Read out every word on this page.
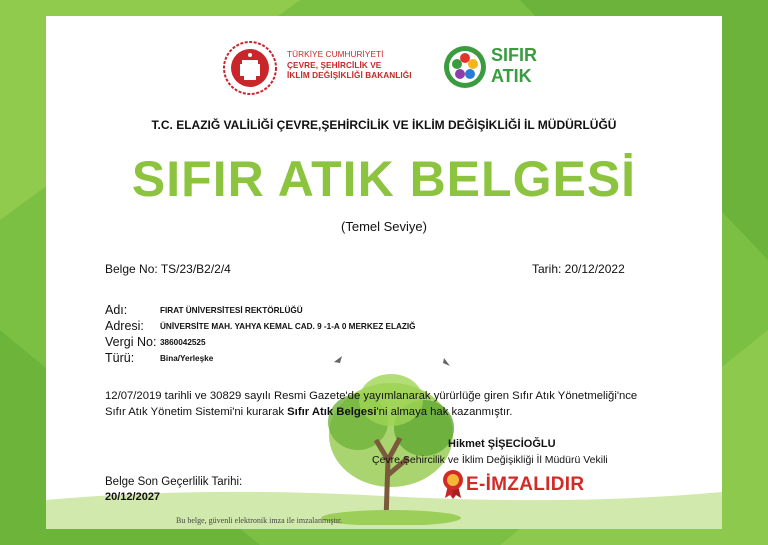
TÜRKİYE CUMHURİYETİ
ÇEVRE, ŞEHİRCİLİK VE
İKLİM DEĞİŞİKLİĞİ BAKANLIĞI
SIFIR
ATIK
T.C. ELAZIĞ VALİLİĞİ ÇEVRE,ŞEHİRCİLİK VE İKLİM DEĞİŞİKLİĞİ İL MÜDÜRLÜĞÜ
SIFIR ATIK BELGESİ
(Temel Seviye)
Belge No: TS/23/B2/2/4	Tarih: 20/12/2022
Adı:	FIRAT ÜNİVERSİTESİ REKTÖRLÜĞÜ
Adresi: ÜNİVERSİTE MAH. YAHYA KEMAL CAD. 9 -1-A 0 MERKEZ ELAZIĞ
Vergi No: 3860042525
Türü:	Bina/Yerleşke
12/07/2019 tarihli ve 30829 sayılı Resmi Gazete'de yayımlanarak yürürlüğe giren Sıfır Atık Yönetmeliği'nce Sıfır Atık Yönetim Sistemi'ni kurarak Sıfır Atık Belgesi'ni almaya hak kazanmıştır.
Hikmet ŞİŞECİOĞLU
Çevre,Şehircilik ve İklim Değişikliği İl Müdürü Vekili
E-İMZALIDIR
Belge Son Geçerlilik Tarihi:
20/12/2027
Bu belge, güvenli elektronik imza ile imzalanmıştır.
